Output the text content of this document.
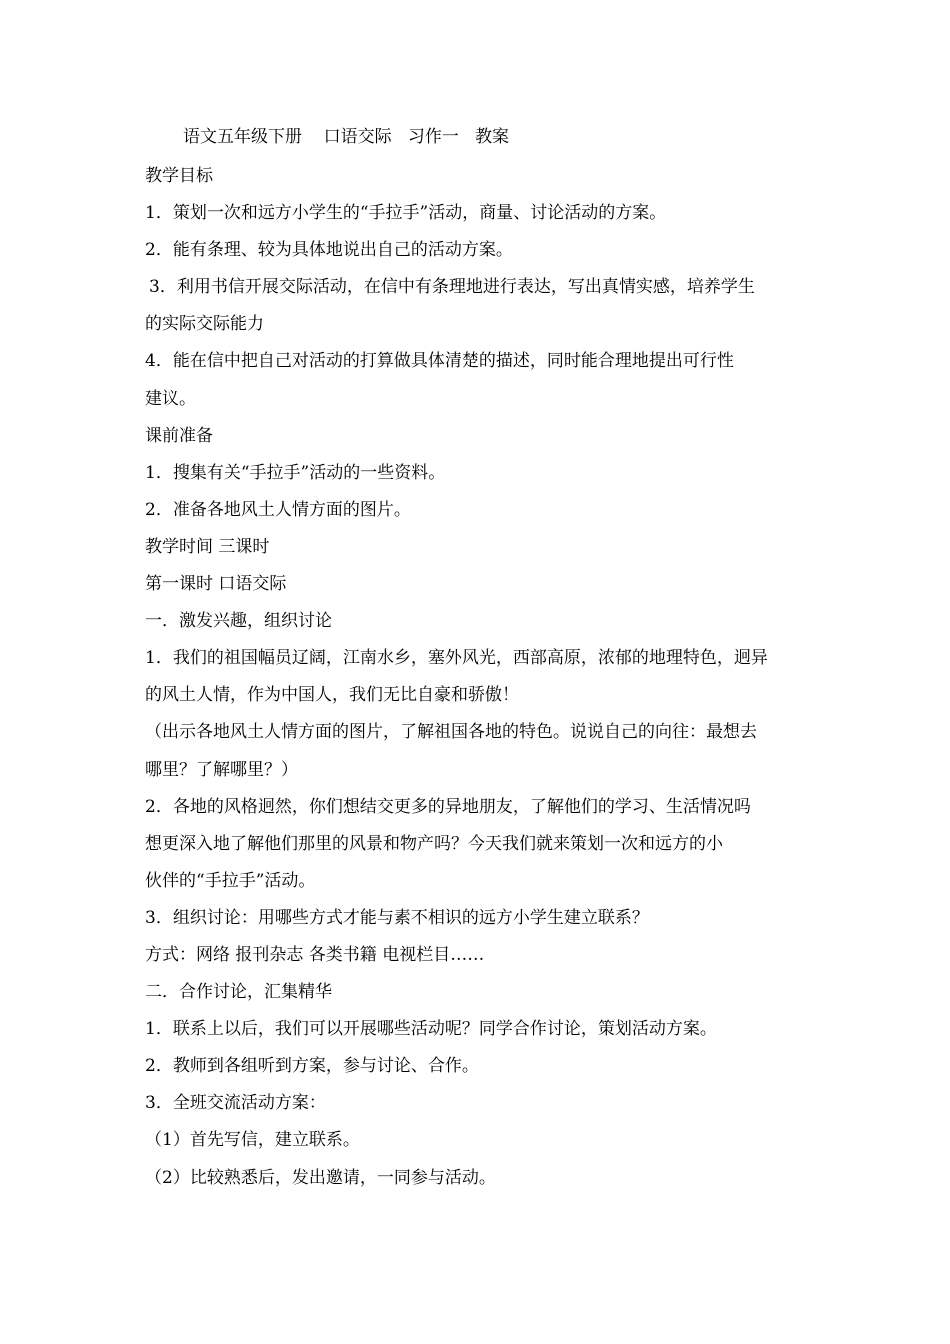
语文五年级下册    口语交际   习作一   教案
教学目标
1．策划一次和远方小学生的“手拉手”活动，商量、讨论活动的方案。
2．能有条理、较为具体地说出自己的活动方案。
3．利用书信开展交际活动，在信中有条理地进行表达，写出真情实感，培养学生
的实际交际能力
4．能在信中把自己对活动的打算做具体清楚的描述，同时能合理地提出可行性
建议。
课前准备
1．搜集有关“手拉手”活动的一些资料。
2．准备各地风土人情方面的图片。
教学时间 三课时
第一课时 口语交际
一．激发兴趣，组织讨论
1．我们的祖国幅员辽阔，江南水乡，塞外风光，西部高原，浓郁的地理特色，迥异
的风土人情，作为中国人，我们无比自豪和骄傲！
（出示各地风土人情方面的图片，了解祖国各地的特色。说说自己的向往：最想去
哪里？了解哪里？）
2．各地的风格迥然，你们想结交更多的异地朋友，了解他们的学习、生活情况吗
想更深入地了解他们那里的风景和物产吗？今天我们就来策划一次和远方的小
伙伴的“手拉手”活动。
3．组织讨论：用哪些方式才能与素不相识的远方小学生建立联系？
方式：网络 报刊杂志 各类书籍 电视栏目……
二．合作讨论，汇集精华
1．联系上以后，我们可以开展哪些活动呢？同学合作讨论，策划活动方案。
2．教师到各组听到方案，参与讨论、合作。
3．全班交流活动方案：
（1）首先写信，建立联系。
（2）比较熟悉后，发出邀请，一同参与活动。
